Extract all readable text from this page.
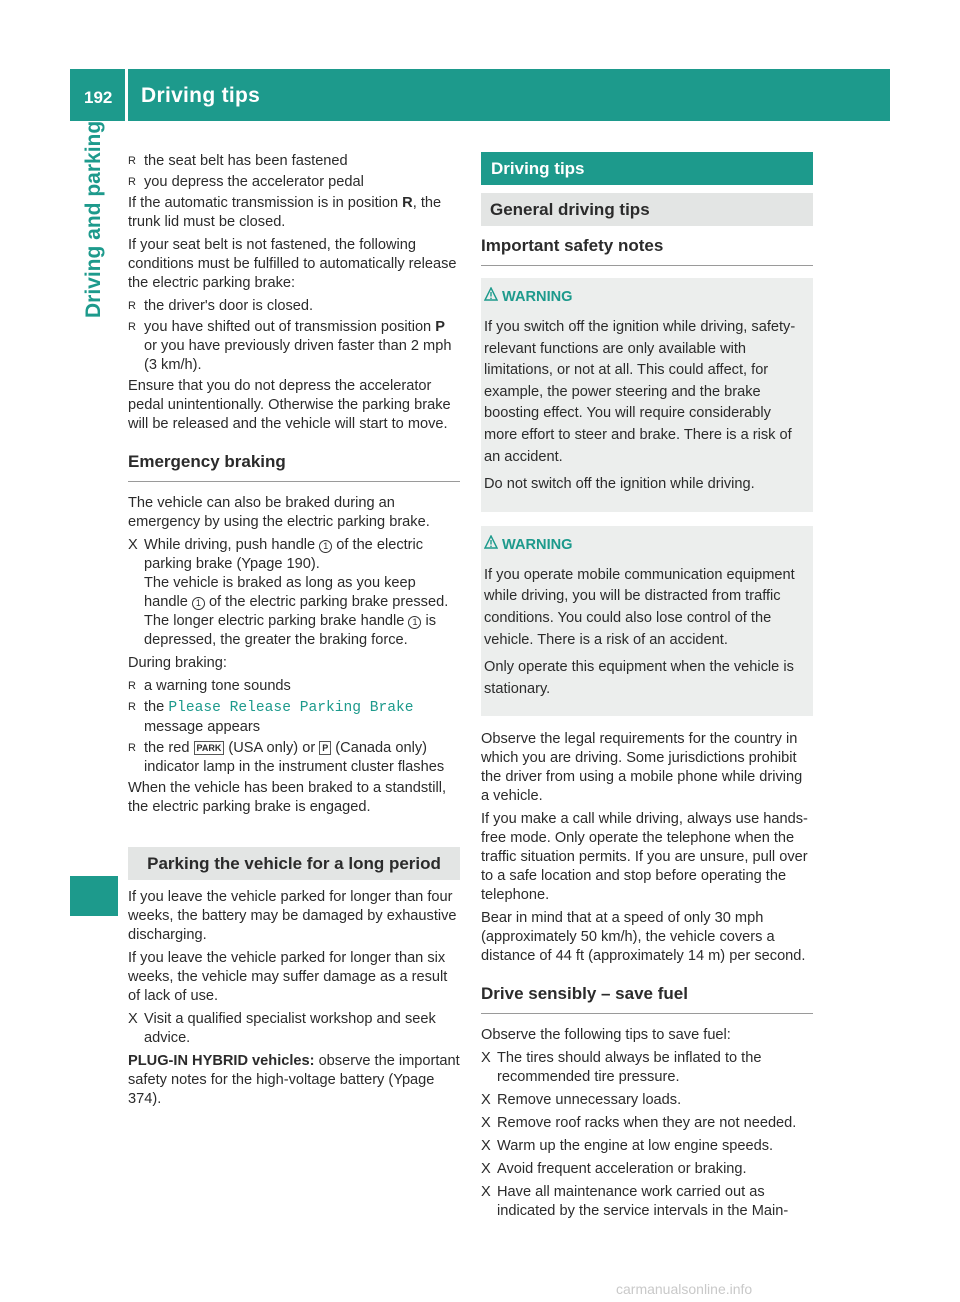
192 Driving tips
Driving and parking	R the seat belt has been fastened
R you depress the accelerator pedal

If the automatic transmission is in position R, the trunk lid must be closed.

If your seat belt is not fastened, the following conditions must be fulfilled to automatically release the electric parking brake:

R the driver's door is closed.
R you have shifted out of transmission position P or you have previously driven faster than 2 mph (3 km/h).

Ensure that you do not depress the accelerator pedal unintentionally. Otherwise the parking brake will be released and the vehicle will start to move.

Emergency braking

The vehicle can also be braked during an emergency by using the electric parking brake.

X While driving, push handle 1 of the electric parking brake (Ypage 190).
The vehicle is braked as long as you keep handle 1 of the electric parking brake pressed. The longer electric parking brake handle 1 is depressed, the greater the braking force.

During braking:

R a warning tone sounds
R the Please Release Parking Brake message appears
R the red PARK (USA only) or P (Canada only) indicator lamp in the instrument cluster flashes

When the vehicle has been braked to a standstill, the electric parking brake is engaged.

Parking the vehicle for a long period

If you leave the vehicle parked for longer than four weeks, the battery may be damaged by exhaustive discharging.

If you leave the vehicle parked for longer than six weeks, the vehicle may suffer damage as a result of lack of use.

X Visit a qualified specialist workshop and seek advice.

PLUG-IN HYBRID vehicles: observe the important safety notes for the high-voltage battery (Ypage 374).

Driving tips
General driving tips
Important safety notes
WARNING

If you switch off the ignition while driving, safety-relevant functions are only available with limitations, or not at all. This could affect, for example, the power steering and the brake boosting effect. You will require considerably more effort to steer and brake. There is a risk of an accident.

Do not switch off the ignition while driving.

WARNING

If you operate mobile communication equipment while driving, you will be distracted from traffic conditions. You could also lose control of the vehicle. There is a risk of an accident.

Only operate this equipment when the vehicle is stationary.

Observe the legal requirements for the country in which you are driving. Some jurisdictions prohibit the driver from using a mobile phone while driving a vehicle.

If you make a call while driving, always use hands-free mode. Only operate the telephone when the traffic situation permits. If you are unsure, pull over to a safe location and stop before operating the telephone.

Bear in mind that at a speed of only 30 mph (approximately 50 km/h), the vehicle covers a distance of 44 ft (approximately 14 m) per second.

Drive sensibly – save fuel

Observe the following tips to save fuel:

X The tires should always be inflated to the recommended tire pressure.
X Remove unnecessary loads.
X Remove roof racks when they are not needed.
X Warm up the engine at low engine speeds.
X Avoid frequent acceleration or braking.
X Have all maintenance work carried out as indicated by the service intervals in the Main-
carmanualsonline.info
